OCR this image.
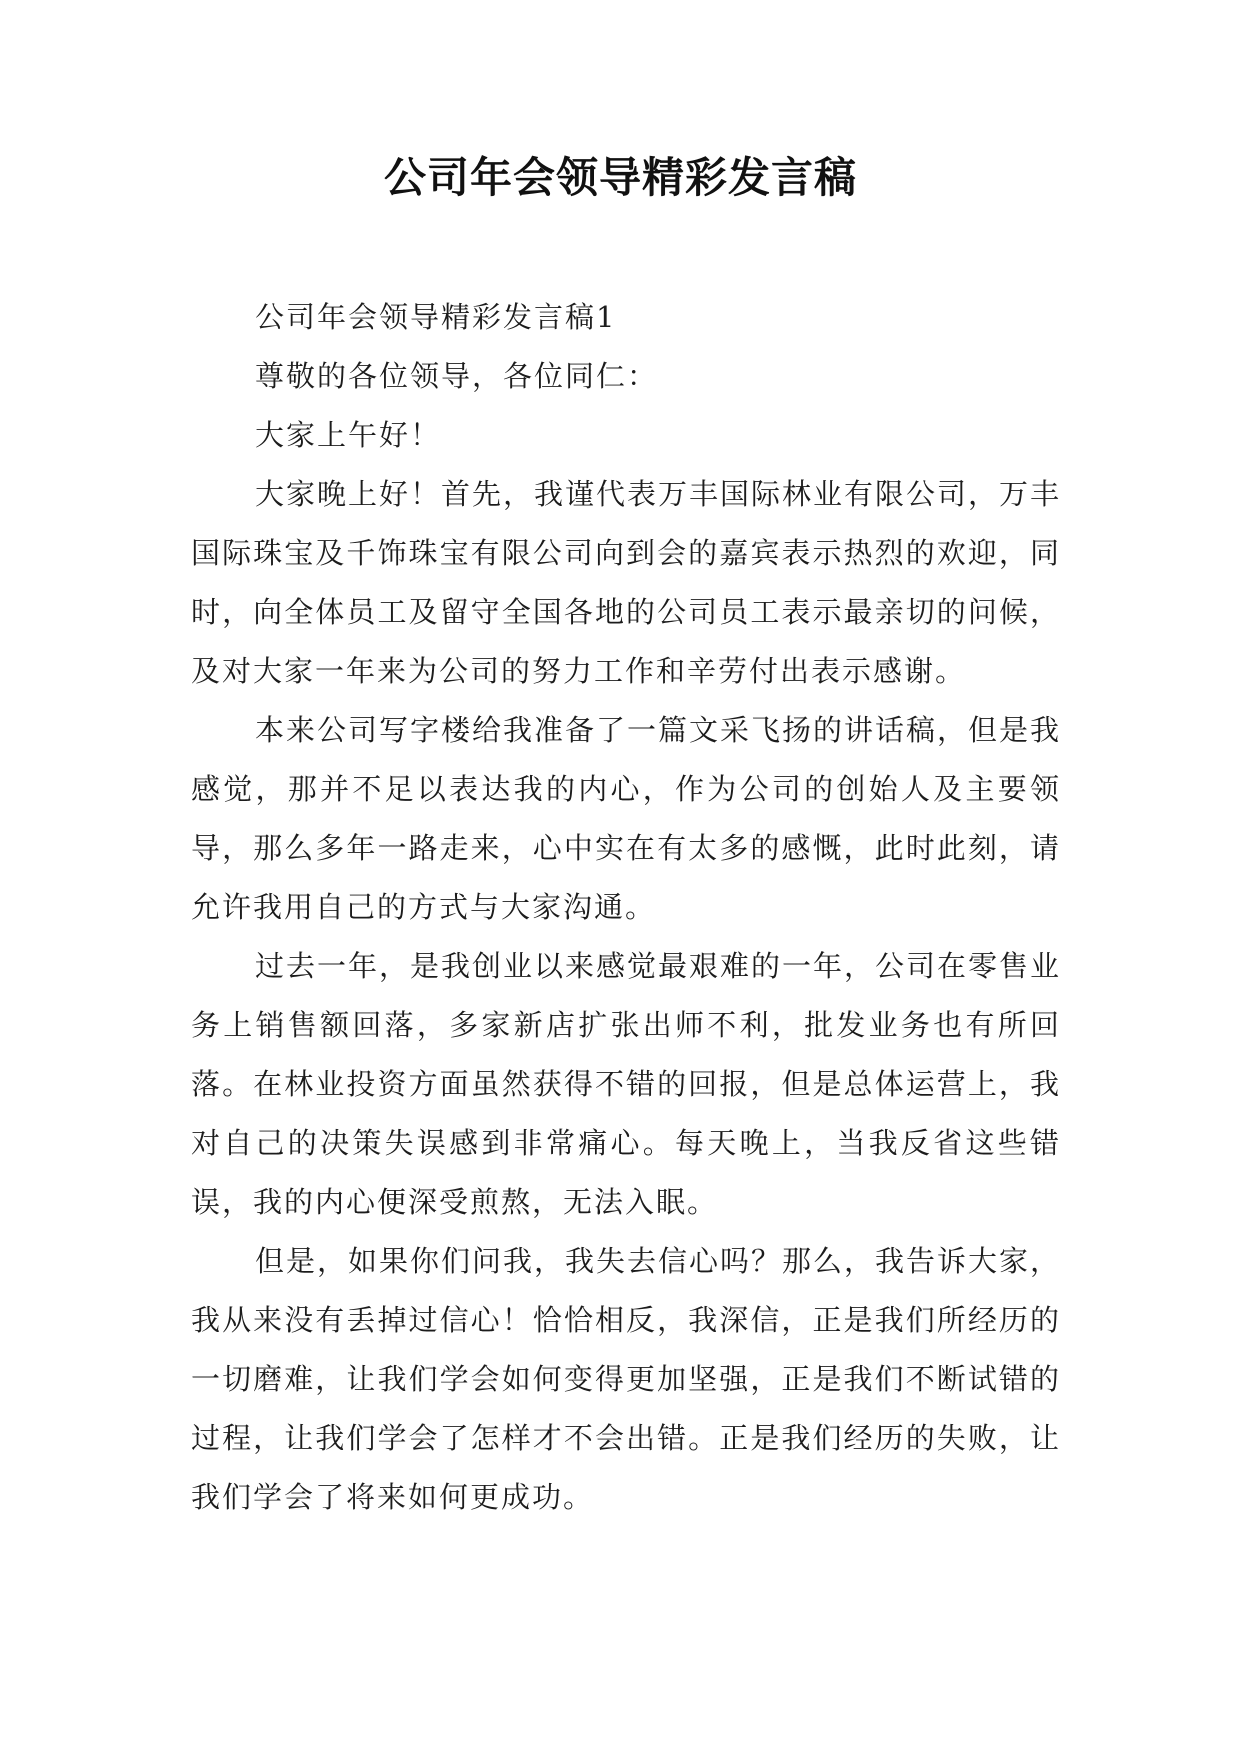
公司年会领导精彩发言稿

公司年会领导精彩发言稿1

尊敬的各位领导，各位同仁：

大家上午好！

大家晚上好！首先，我谨代表万丰国际林业有限公司，万丰国际珠宝及千饰珠宝有限公司向到会的嘉宾表示热烈的欢迎，同时，向全体员工及留守全国各地的公司员工表示最亲切的问候，及对大家一年来为公司的努力工作和辛劳付出表示感谢。

本来公司写字楼给我准备了一篇文采飞扬的讲话稿，但是我感觉，那并不足以表达我的内心，作为公司的创始人及主要领导，那么多年一路走来，心中实在有太多的感慨，此时此刻，请允许我用自己的方式与大家沟通。

过去一年，是我创业以来感觉最艰难的一年，公司在零售业务上销售额回落，多家新店扩张出师不利，批发业务也有所回落。在林业投资方面虽然获得不错的回报，但是总体运营上，我对自己的决策失误感到非常痛心。每天晚上，当我反省这些错误，我的内心便深受煎熬，无法入眠。

但是，如果你们问我，我失去信心吗？那么，我告诉大家，我从来没有丢掉过信心！恰恰相反，我深信，正是我们所经历的一切磨难，让我们学会如何变得更加坚强，正是我们不断试错的过程，让我们学会了怎样才不会出错。正是我们经历的失败，让我们学会了将来如何更成功。
